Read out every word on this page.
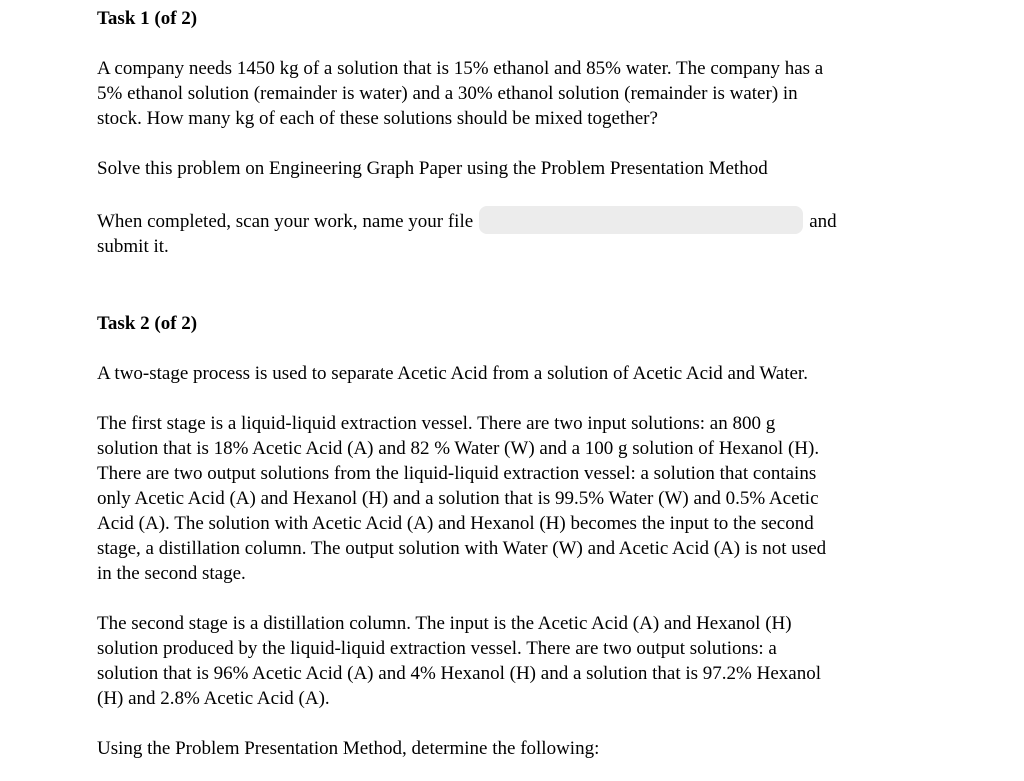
Task 1 (of 2)
A company needs 1450 kg of a solution that is 15% ethanol and 85% water. The company has a
5% ethanol solution (remainder is water) and a 30% ethanol solution (remainder is water) in
stock. How many kg of each of these solutions should be mixed together?
Solve this problem on Engineering Graph Paper using the Problem Presentation Method
When completed, scan your work, name your file	and
submit it.
Task 2 (of 2)
A two-stage process is used to separate Acetic Acid from a solution of Acetic Acid and Water.
The first stage is a liquid-liquid extraction vessel. There are two input solutions: an 800 g
solution that is 18% Acetic Acid (A) and 82 % Water (W) and a 100 g solution of Hexanol (H).
There are two output solutions from the liquid-liquid extraction vessel: a solution that contains
only Acetic Acid (A) and Hexanol (H) and a solution that is 99.5% Water (W) and 0.5% Acetic
Acid (A). The solution with Acetic Acid (A) and Hexanol (H) becomes the input to the second
stage, a distillation column. The output solution with Water (W) and Acetic Acid (A) is not used
in the second stage.
The second stage is a distillation column. The input is the Acetic Acid (A) and Hexanol (H)
solution produced by the liquid-liquid extraction vessel. There are two output solutions: a
solution that is 96% Acetic Acid (A) and 4% Hexanol (H) and a solution that is 97.2% Hexanol
(H) and 2.8% Acetic Acid (A).
Using the Problem Presentation Method, determine the following:
